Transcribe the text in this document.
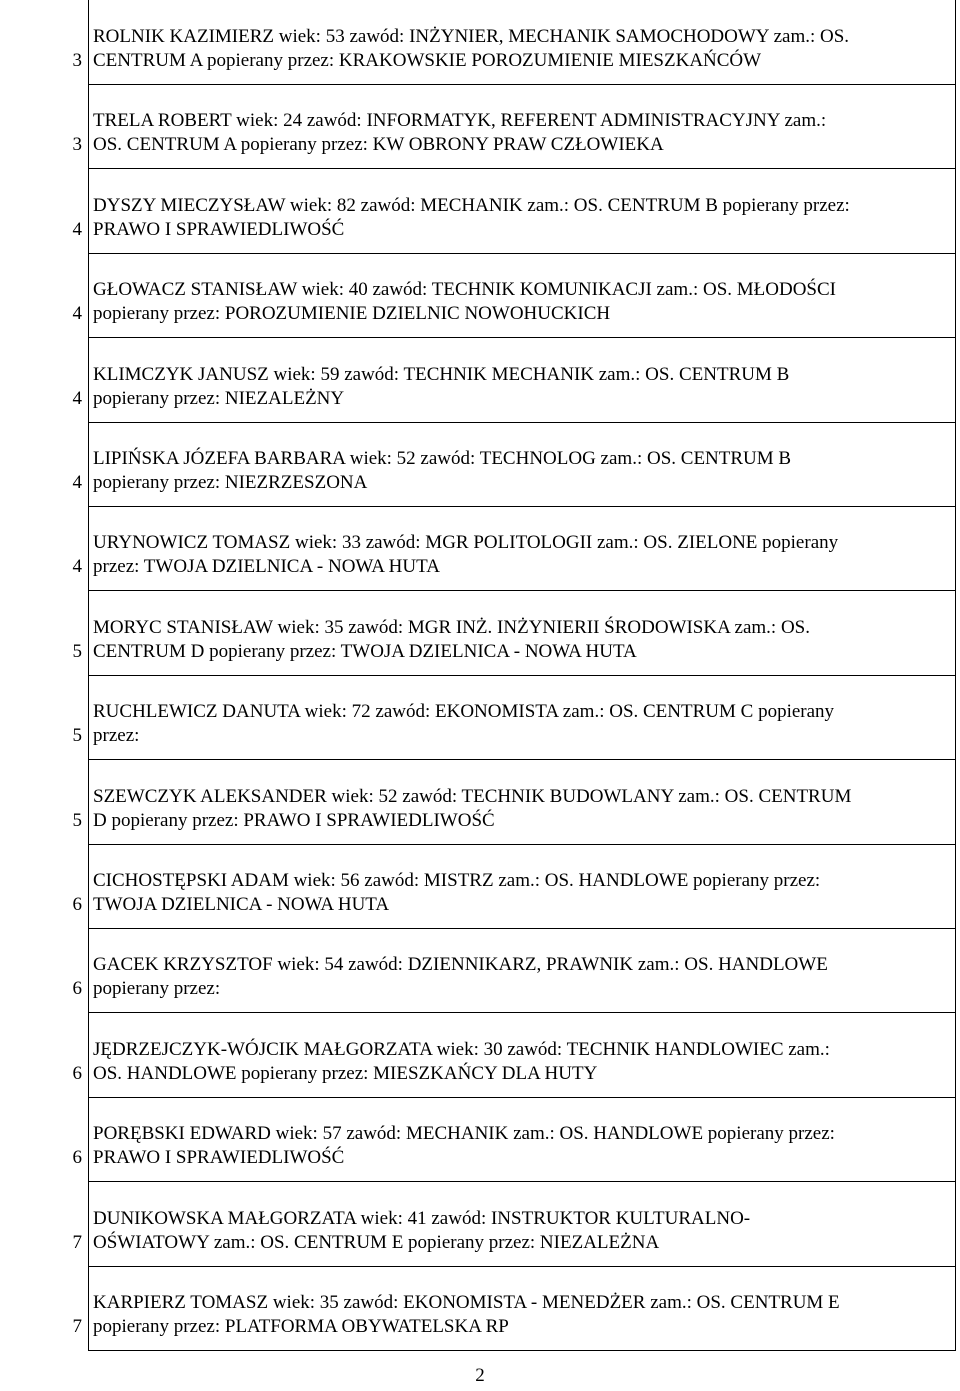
3
ROLNIK KAZIMIERZ wiek: 53 zawód: INŻYNIER, MECHANIK SAMOCHODOWY zam.: OS.
CENTRUM A popierany przez: KRAKOWSKIE POROZUMIENIE MIESZKAŃCÓW
3
TRELA ROBERT wiek: 24 zawód: INFORMATYK, REFERENT ADMINISTRACYJNY zam.:
OS. CENTRUM A popierany przez: KW OBRONY PRAW CZŁOWIEKA
4
DYSZY MIECZYSŁAW wiek: 82 zawód: MECHANIK zam.: OS. CENTRUM B popierany przez:
PRAWO I SPRAWIEDLIWOŚĆ
4
GŁOWACZ STANISŁAW wiek: 40 zawód: TECHNIK KOMUNIKACJI zam.: OS. MŁODOŚCI
popierany przez: POROZUMIENIE DZIELNIC NOWOHUCKICH
4
KLIMCZYK JANUSZ wiek: 59 zawód: TECHNIK MECHANIK zam.: OS. CENTRUM B
popierany przez: NIEZALEŻNY
4
LIPIŃSKA JÓZEFA BARBARA wiek: 52 zawód: TECHNOLOG zam.: OS. CENTRUM B
popierany przez: NIEZRZESZONA
4
URYNOWICZ TOMASZ wiek: 33 zawód: MGR POLITOLOGII zam.: OS. ZIELONE popierany
przez: TWOJA DZIELNICA - NOWA HUTA
5
MORYC STANISŁAW wiek: 35 zawód: MGR INŻ. INŻYNIERII ŚRODOWISKA zam.: OS.
CENTRUM D popierany przez: TWOJA DZIELNICA - NOWA HUTA
5
RUCHLEWICZ DANUTA wiek: 72 zawód: EKONOMISTA zam.: OS. CENTRUM C popierany
przez:
5
SZEWCZYK ALEKSANDER wiek: 52 zawód: TECHNIK BUDOWLANY zam.: OS. CENTRUM
D popierany przez: PRAWO I SPRAWIEDLIWOŚĆ
6
CICHOSTĘPSKI ADAM wiek: 56 zawód: MISTRZ zam.: OS. HANDLOWE popierany przez:
TWOJA DZIELNICA - NOWA HUTA
6
GACEK KRZYSZTOF wiek: 54 zawód: DZIENNIKARZ, PRAWNIK zam.: OS. HANDLOWE
popierany przez:
6
JĘDRZEJCZYK-WÓJCIK MAŁGORZATA wiek: 30 zawód: TECHNIK HANDLOWIEC zam.:
OS. HANDLOWE popierany przez: MIESZKAŃCY DLA HUTY
6
PORĘBSKI EDWARD wiek: 57 zawód: MECHANIK zam.: OS. HANDLOWE popierany przez:
PRAWO I SPRAWIEDLIWOŚĆ
7
DUNIKOWSKA MAŁGORZATA wiek: 41 zawód: INSTRUKTOR KULTURALNO-
OŚWIATOWY zam.: OS. CENTRUM E popierany przez: NIEZALEŻNA
7
KARPIERZ TOMASZ wiek: 35 zawód: EKONOMISTA - MENEDŻER zam.: OS. CENTRUM E
popierany przez: PLATFORMA OBYWATELSKA RP
2
